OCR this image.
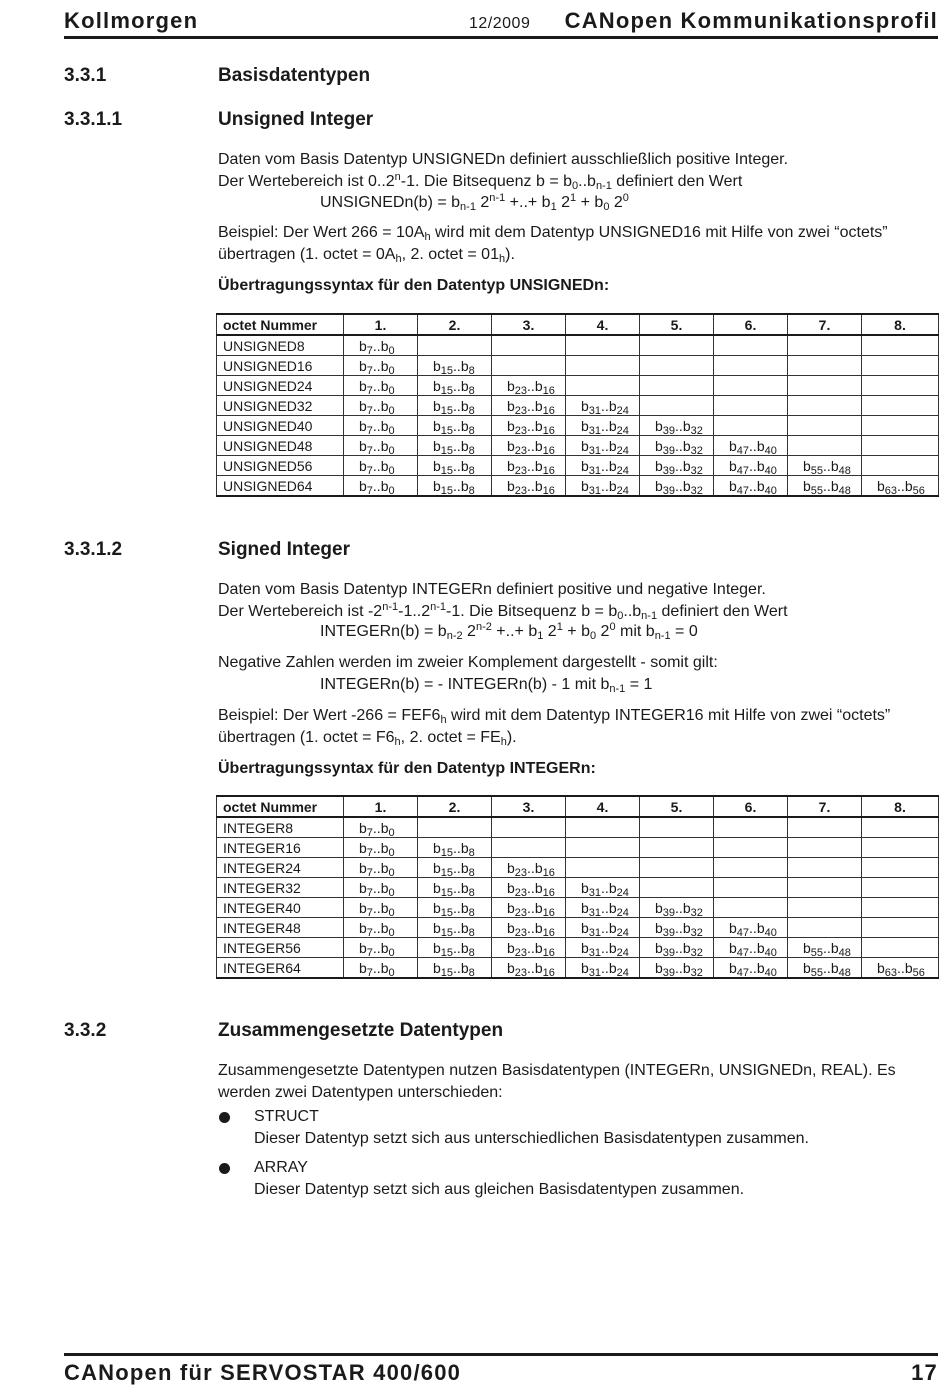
Kollmorgen	12/2009 CANopen Kommunikationsprofil
3.3.1	Basisdatentypen
3.3.1.1	Unsigned Integer

Daten vom Basis Datentyp UNSIGNEDn definiert ausschließlich positive Integer.
Der Wertebereich ist 0..2$^n$-1. Die Bitsequenz $b = b_0..b_{n-1}$ definiert den Wert

UNSIGNEDn(b) = $b_{n-1}$ $2^{n-1}$ +..+ $b_1$ $2^1 + b_0$ $2^0$

Beispiel: Der Wert $266 = 10A_h$ wird mit dem Datentyp UNSIGNED16 mit Hilfe von zwei “octets”
übertragen (1. octet = $0A_h$, 2. octet = $01_h$).

Übertragungssyntax für den Datentyp UNSIGNEDn:

octet Nummer	1.	2.	3.	4.	5.	6.	7.	8.
UNSIGNED8	$b_7..b_0$							
UNSIGNED16	$b_7..b_0$	$b_{15}..b_8$						
UNSIGNED24	$b_7..b_0$	$b_{15}..b_8$	$b_{23}..b_{16}$					
UNSIGNED32	$b_7..b_0$	$b_{15}..b_8$	$b_{23}..b_{16}$	$b_{31}..b_{24}$				
UNSIGNED40	$b_7..b_0$	$b_{15}..b_8$	$b_{23}..b_{16}$	$b_{31}..b_{24}$	$b_{39}..b_{32}$			
UNSIGNED48	$b_7..b_0$	$b_{15}..b_8$	$b_{23}..b_{16}$	$b_{31}..b_{24}$	$b_{39}..b_{32}$	$b_{47}..b_{40}$		
UNSIGNED56	$b_7..b_0$	$b_{15}..b_8$	$b_{23}..b_{16}$	$b_{31}..b_{24}$	$b_{39}..b_{32}$	$b_{47}..b_{40}$	$b_{55}..b_{48}$	
UNSIGNED64	$b_7..b_0$	$b_{15}..b_8$	$b_{23}..b_{16}$	$b_{31}..b_{24}$	$b_{39}..b_{32}$	$b_{47}..b_{40}$	$b_{55}..b_{48}$	$b_{63}..b_{56}$
3.3.1.2	Signed Integer

Daten vom Basis Datentyp INTEGERn definiert positive und negative Integer.
Der Wertebereich ist -2$^{n-1}$-1..2$^{n-1}$-1. Die Bitsequenz $b = b_0..b_{n-1}$ definiert den Wert

INTEGERn(b) = $b_{n-2}$ $2^{n-2}$ +..+ $b_1$ $2^1 + b_0$ $2^0$ mit $b_{n-1} = 0$

Negative Zahlen werden im zweier Komplement dargestellt - somit gilt:

INTEGERn(b) = - INTEGERn(b) - 1 mit $b_{n-1} = 1$

Beispiel: Der Wert $-266 = FEF6_h$ wird mit dem Datentyp INTEGER16 mit Hilfe von zwei “octets”
übertragen (1. octet = $F6_h$, 2. octet = $FE_h$).

Übertragungssyntax für den Datentyp INTEGERn:

octet Nummer	1.	2.	3.	4.	5.	6.	7.	8.
INTEGER8	$b_7..b_0$							
INTEGER16	$b_7..b_0$	$b_{15}..b_8$						
INTEGER24	$b_7..b_0$	$b_{15}..b_8$	$b_{23}..b_{16}$					
INTEGER32	$b_7..b_0$	$b_{15}..b_8$	$b_{23}..b_{16}$	$b_{31}..b_{24}$				
INTEGER40	$b_7..b_0$	$b_{15}..b_8$	$b_{23}..b_{16}$	$b_{31}..b_{24}$	$b_{39}..b_{32}$			
INTEGER48	$b_7..b_0$	$b_{15}..b_8$	$b_{23}..b_{16}$	$b_{31}..b_{24}$	$b_{39}..b_{32}$	$b_{47}..b_{40}$		
INTEGER56	$b_7..b_0$	$b_{15}..b_8$	$b_{23}..b_{16}$	$b_{31}..b_{24}$	$b_{39}..b_{32}$	$b_{47}..b_{40}$	$b_{55}..b_{48}$	
INTEGER64	$b_7..b_0$	$b_{15}..b_8$	$b_{23}..b_{16}$	$b_{31}..b_{24}$	$b_{39}..b_{32}$	$b_{47}..b_{40}$	$b_{55}..b_{48}$	$b_{63}..b_{56}$
3.3.2	Zusammengesetzte Datentypen

Zusammengesetzte Datentypen nutzen Basisdatentypen (INTEGERn, UNSIGNEDn, REAL). Es
werden zwei Datentypen unterschieden:

STRUCT
Dieser Datentyp setzt sich aus unterschiedlichen Basisdatentypen zusammen.

ARRAY
Dieser Datentyp setzt sich aus gleichen Basisdatentypen zusammen.

CANopen für SERVOSTAR 400/600	17
